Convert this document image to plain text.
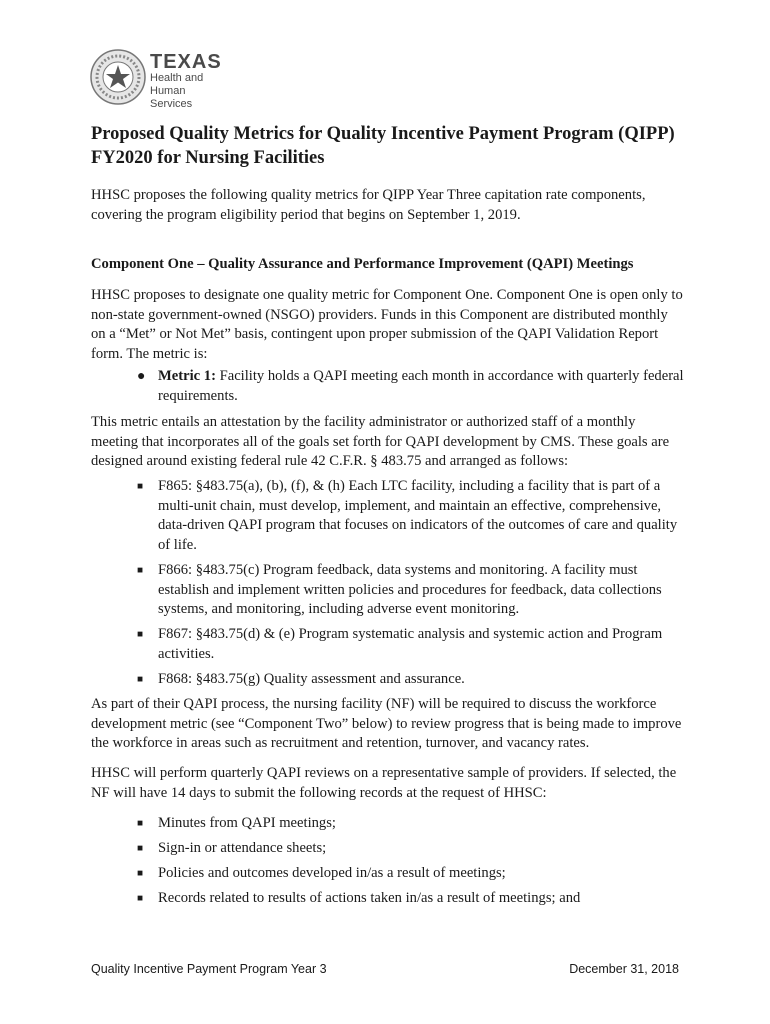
TEXAS
Health and Human
Services
Proposed Quality Metrics for Quality Incentive Payment Program (QIPP)
FY2020 for Nursing Facilities

HHSC proposes the following quality metrics for QIPP Year Three capitation rate components, covering the program eligibility period that begins on September 1, 2019.

Component One – Quality Assurance and Performance Improvement (QAPI) Meetings

HHSC proposes to designate one quality metric for Component One. Component One is open only to non-state government-owned (NSGO) providers. Funds in this Component are distributed monthly on a “Met” or Not Met” basis, contingent upon proper submission of the QAPI Validation Report form. The metric is:

● Metric 1: Facility holds a QAPI meeting each month in accordance with quarterly federal requirements.

This metric entails an attestation by the facility administrator or authorized staff of a monthly meeting that incorporates all of the goals set forth for QAPI development by CMS. These goals are designed around existing federal rule 42 C.F.R. § 483.75 and arranged as follows:

■	F865: §483.75(a), (b), (f), & (h) Each LTC facility, including a facility that is part of a multi-unit chain, must develop, implement, and maintain an effective, comprehensive, data-driven QAPI program that focuses on indicators of the outcomes of care and quality of life.
■	F866: §483.75(c) Program feedback, data systems and monitoring. A facility must establish and implement written policies and procedures for feedback, data collections systems, and monitoring, including adverse event monitoring.
■	F867: §483.75(d) & (e) Program systematic analysis and systemic action and Program activities.
■	F868: §483.75(g) Quality assessment and assurance.

As part of their QAPI process, the nursing facility (NF) will be required to discuss the workforce development metric (see “Component Two” below) to review progress that is being made to improve the workforce in areas such as recruitment and retention, turnover, and vacancy rates.

HHSC will perform quarterly QAPI reviews on a representative sample of providers. If selected, the NF will have 14 days to submit the following records at the request of HHSC:

■	Minutes from QAPI meetings;
■	Sign-in or attendance sheets;
■	Policies and outcomes developed in/as a result of meetings;
■	Records related to results of actions taken in/as a result of meetings; and
Quality Incentive Payment Program Year 3	December 31, 2018
